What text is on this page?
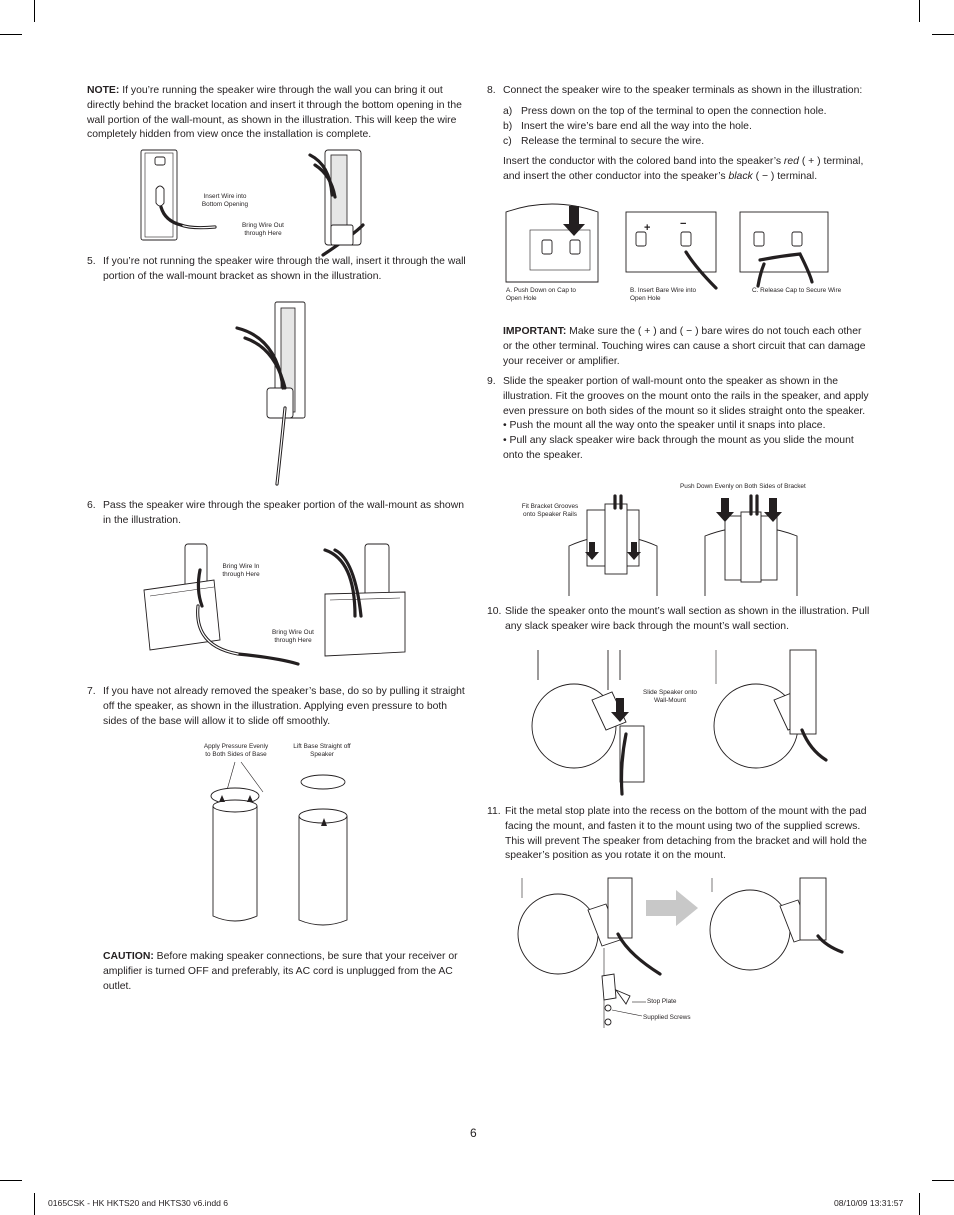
NOTE: If you’re running the speaker wire through the wall you can bring it out directly behind the bracket location and insert it through the bottom opening in the wall portion of the wall-mount, as shown in the illustration. This will keep the wire completely hidden from view once the installation is complete.
Insert Wire into Bottom Opening
Bring Wire Out through Here
5. If you’re not running the speaker wire through the wall, insert it through the wall portion of the wall-mount bracket as shown in the illustration.
6. Pass the speaker wire through the speaker portion of the wall-mount as shown in the illustration.
Bring Wire In through Here
Bring Wire Out through Here
7. If you have not already removed the speaker’s base, do so by pulling it straight off the speaker, as shown in the illustration. Applying even pressure to both sides of the base will allow it to slide off smoothly.
Apply Pressure Evenly to Both Sides of Base
Lift Base Straight off Speaker
CAUTION: Before making speaker connections, be sure that your receiver or amplifier is turned OFF and preferably, its AC cord is unplugged from the AC outlet.
8. Connect the speaker wire to the speaker terminals as shown in the illustration:
a) Press down on the top of the terminal to open the connection hole.
b) Insert the wire’s bare end all the way into the hole.
c) Release the terminal to secure the wire.
Insert the conductor with the colored band into the speaker’s red ( + ) terminal, and insert the other conductor into the speaker’s black ( − ) terminal.
+	−
A. Push Down on Cap to Open Hole
B. Insert Bare Wire into Open Hole
C. Release Cap to Secure Wire
IMPORTANT: Make sure the ( + ) and ( − ) bare wires do not touch each other or the other terminal. Touching wires can cause a short circuit that can damage your receiver or amplifier.
9. Slide the speaker portion of wall-mount onto the speaker as shown in the illustration. Fit the grooves on the mount onto the rails in the speaker, and apply even pressure on both sides of the mount so it slides straight onto the speaker.
• Push the mount all the way onto the speaker until it snaps into place.
• Pull any slack speaker wire back through the mount as you slide the mount onto the speaker.
Fit Bracket Grooves onto Speaker Rails
Push Down Evenly on Both Sides of Bracket
10. Slide the speaker onto the mount’s wall section as shown in the illustration. Pull any slack speaker wire back through the mount’s wall section.
Slide Speaker onto Wall-Mount
11. Fit the metal stop plate into the recess on the bottom of the mount with the pad facing the mount, and fasten it to the mount using two of the supplied screws. This will prevent The speaker from detaching from the bracket and will hold the speaker’s position as you rotate it on the mount.
Stop Plate
Supplied Screws
6
0165CSK - HK HKTS20 and HKTS30 v6.indd 6	08/10/09 13:31:57
